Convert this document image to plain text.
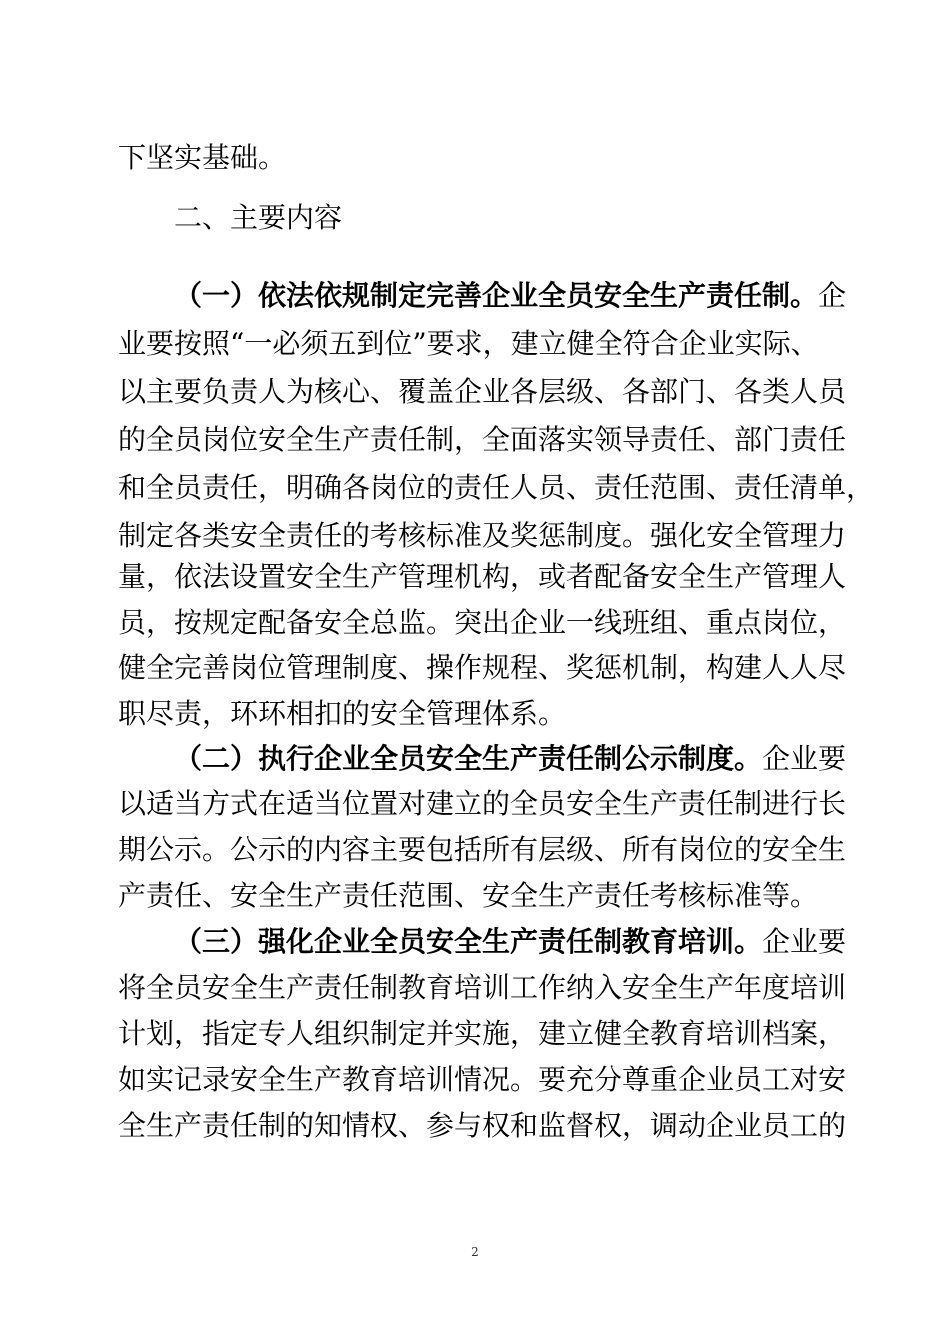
下坚实基础。
二、主要内容
（一）依法依规制定完善企业全员安全生产责任制。企
业要按照“一必须五到位”要求，建立健全符合企业实际、
以主要负责人为核心、覆盖企业各层级、各部门、各类人员
的全员岗位安全生产责任制，全面落实领导责任、部门责任
和全员责任，明确各岗位的责任人员、责任范围、责任清单，
制定各类安全责任的考核标准及奖惩制度。强化安全管理力
量，依法设置安全生产管理机构，或者配备安全生产管理人
员，按规定配备安全总监。突出企业一线班组、重点岗位，
健全完善岗位管理制度、操作规程、奖惩机制，构建人人尽
职尽责，环环相扣的安全管理体系。
（二）执行企业全员安全生产责任制公示制度。企业要
以适当方式在适当位置对建立的全员安全生产责任制进行长
期公示。公示的内容主要包括所有层级、所有岗位的安全生
产责任、安全生产责任范围、安全生产责任考核标准等。
（三）强化企业全员安全生产责任制教育培训。企业要
将全员安全生产责任制教育培训工作纳入安全生产年度培训
计划，指定专人组织制定并实施，建立健全教育培训档案，
如实记录安全生产教育培训情况。要充分尊重企业员工对安
全生产责任制的知情权、参与权和监督权，调动企业员工的
2
